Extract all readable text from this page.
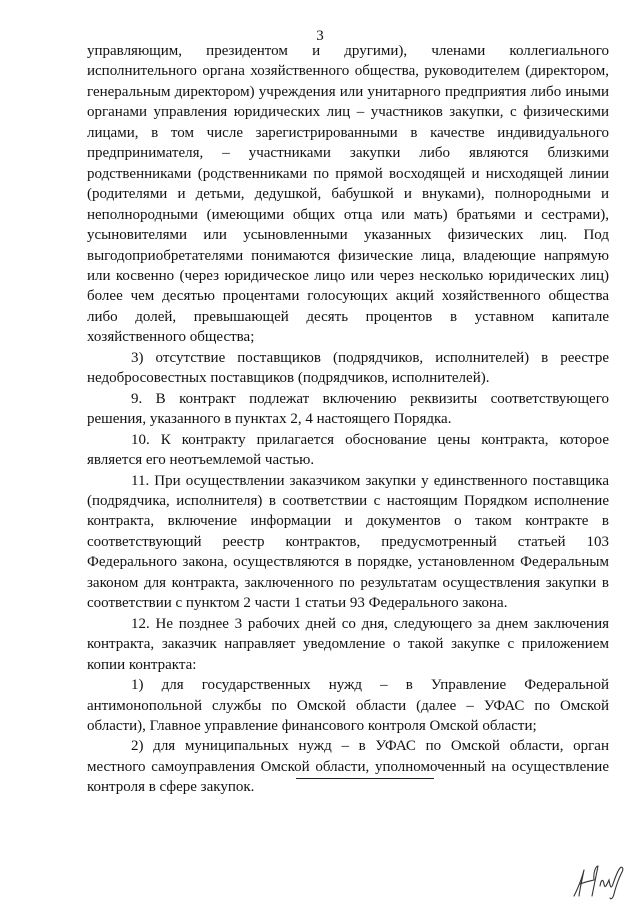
3

управляющим, президентом и другими), членами коллегиального исполнительного органа хозяйственного общества, руководителем (директором, генеральным директором) учреждения или унитарного предприятия либо иными органами управления юридических лиц – участников закупки, с физическими лицами, в том числе зарегистрированными в качестве индивидуального предпринимателя, – участниками закупки либо являются близкими родственниками (родственниками по прямой восходящей и нисходящей линии (родителями и детьми, дедушкой, бабушкой и внуками), полнородными и неполнородными (имеющими общих отца или мать) братьями и сестрами), усыновителями или усыновленными указанных физических лиц. Под выгодоприобретателями понимаются физические лица, владеющие напрямую или косвенно (через юридическое лицо или через несколько юридических лиц) более чем десятью процентами голосующих акций хозяйственного общества либо долей, превышающей десять процентов в уставном капитале хозяйственного общества;

3) отсутствие поставщиков (подрядчиков, исполнителей) в реестре недобросовестных поставщиков (подрядчиков, исполнителей).

9. В контракт подлежат включению реквизиты соответствующего решения, указанного в пунктах 2, 4 настоящего Порядка.

10. К контракту прилагается обоснование цены контракта, которое является его неотъемлемой частью.

11. При осуществлении заказчиком закупки у единственного поставщика (подрядчика, исполнителя) в соответствии с настоящим Порядком исполнение контракта, включение информации и документов о таком контракте в соответствующий реестр контрактов, предусмотренный статьей 103 Федерального закона, осуществляются в порядке, установленном Федеральным законом для контракта, заключенного по результатам осуществления закупки в соответствии с пунктом 2 части 1 статьи 93 Федерального закона.

12. Не позднее 3 рабочих дней со дня, следующего за днем заключения контракта, заказчик направляет уведомление о такой закупке с приложением копии контракта:

1) для государственных нужд – в Управление Федеральной антимонопольной службы по Омской области (далее – УФАС по Омской области), Главное управление финансового контроля Омской области;

2) для муниципальных нужд – в УФАС по Омской области, орган местного самоуправления Омской области, уполномоченный на осуществление контроля в сфере закупок.
